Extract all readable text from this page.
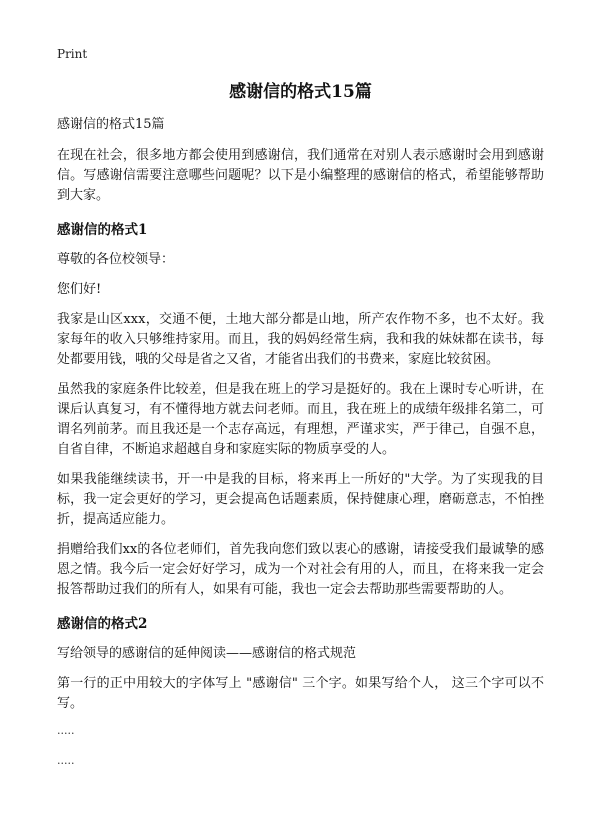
Print
感谢信的格式15篇
感谢信的格式15篇

在现在社会，很多地方都会使用到感谢信，我们通常在对别人表示感谢时会用到感谢信。写感谢信需要注意哪些问题呢？以下是小编整理的感谢信的格式，希望能够帮助到大家。

感谢信的格式1

尊敬的各位校领导：

您们好!

我家是山区xxx，交通不便，土地大部分都是山地，所产农作物不多，也不太好。我家每年的收入只够维持家用。而且，我的妈妈经常生病，我和我的妹妹都在读书，每处都要用钱，哦的父母是省之又省，才能省出我们的书费来，家庭比较贫困。

虽然我的家庭条件比较差，但是我在班上的学习是挺好的。我在上课时专心听讲，在课后认真复习，有不懂得地方就去问老师。而且，我在班上的成绩年级排名第二，可谓名列前茅。而且我还是一个志存高远，有理想，严谨求实，严于律己，自强不息，自省自律，不断追求超越自身和家庭实际的物质享受的人。

如果我能继续读书，开一中是我的目标，将来再上一所好的"大学。为了实现我的目标，我一定会更好的学习，更会提高色话题素质，保持健康心理，磨砺意志，不怕挫折，提高适应能力。

捐赠给我们xx的各位老师们，首先我向您们致以衷心的感谢，请接受我们最诚挚的感恩之情。我今后一定会好好学习，成为一个对社会有用的人，而且，在将来我一定会报答帮助过我们的所有人，如果有可能，我也一定会去帮助那些需要帮助的人。

感谢信的格式2

写给领导的感谢信的延伸阅读——感谢信的格式规范

第一行的正中用较大的字体写上 "感谢信" 三个字。如果写给个人， 这三个字可以不写。

.....
.....
